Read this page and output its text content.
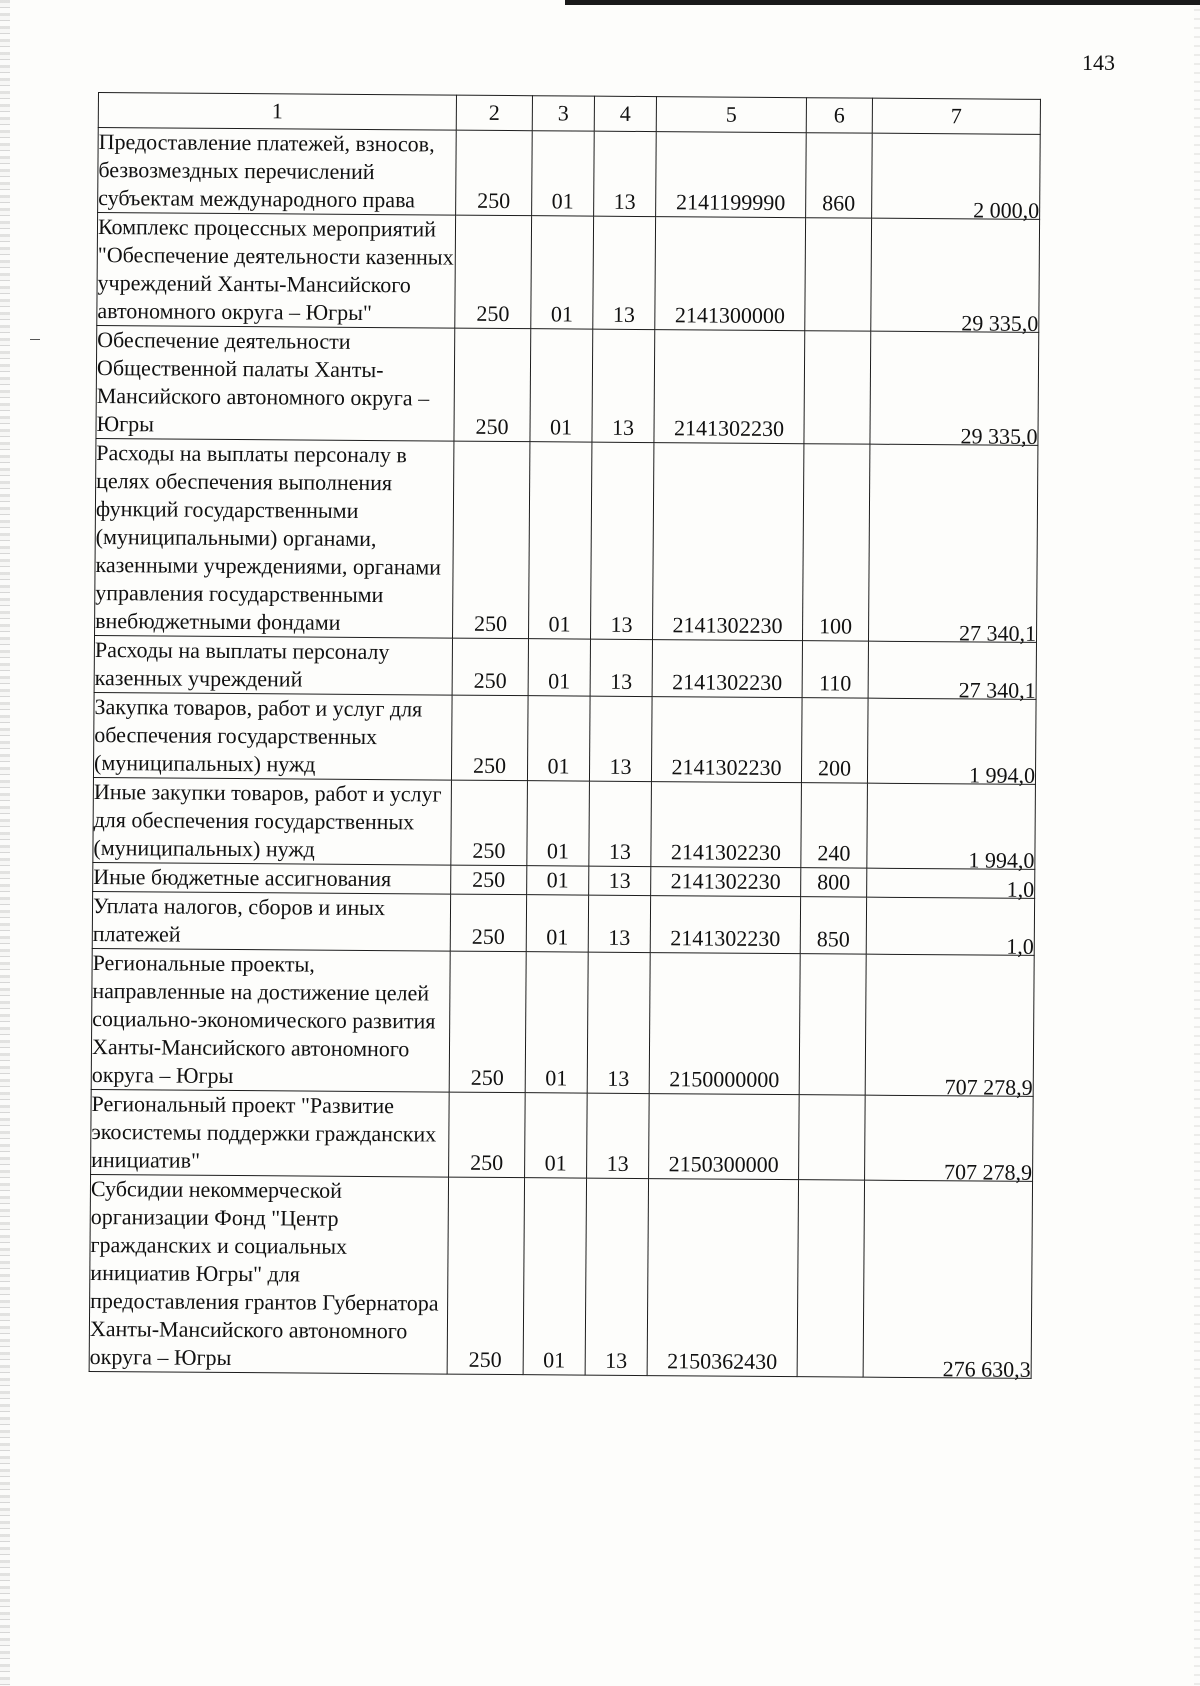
143
1	2	3	4	5	6	7
Предоставление платежей, взносов, безвозмездных перечислений субъектам международного права	250	01	13	2141199990	860	2 000,0
Комплекс процессных мероприятий "Обеспечение деятельности казенных учреждений Ханты-Мансийского автономного округа – Югры"	250	01	13	2141300000		29 335,0
Обеспечение деятельности Общественной палаты Ханты-Мансийского автономного округа – Югры	250	01	13	2141302230		29 335,0
Расходы на выплаты персоналу в целях обеспечения выполнения функций государственными (муниципальными) органами, казенными учреждениями, органами управления государственными внебюджетными фондами	250	01	13	2141302230	100	27 340,1
Расходы на выплаты персоналу казенных учреждений	250	01	13	2141302230	110	27 340,1
Закупка товаров, работ и услуг для обеспечения государственных (муниципальных) нужд	250	01	13	2141302230	200	1 994,0
Иные закупки товаров, работ и услуг для обеспечения государственных (муниципальных) нужд	250	01	13	2141302230	240	1 994,0
Иные бюджетные ассигнования	250	01	13	2141302230	800	1,0
Уплата налогов, сборов и иных платежей	250	01	13	2141302230	850	1,0
Региональные проекты, направленные на достижение целей социально-экономического развития Ханты-Мансийского автономного округа – Югры	250	01	13	2150000000		707 278,9
Региональный проект "Развитие экосистемы поддержки гражданских инициатив"	250	01	13	2150300000		707 278,9
Субсидии некоммерческой организации Фонд "Центр гражданских и социальных инициатив Югры" для предоставления грантов Губернатора Ханты-Мансийского автономного округа – Югры	250	01	13	2150362430		276 630,3
